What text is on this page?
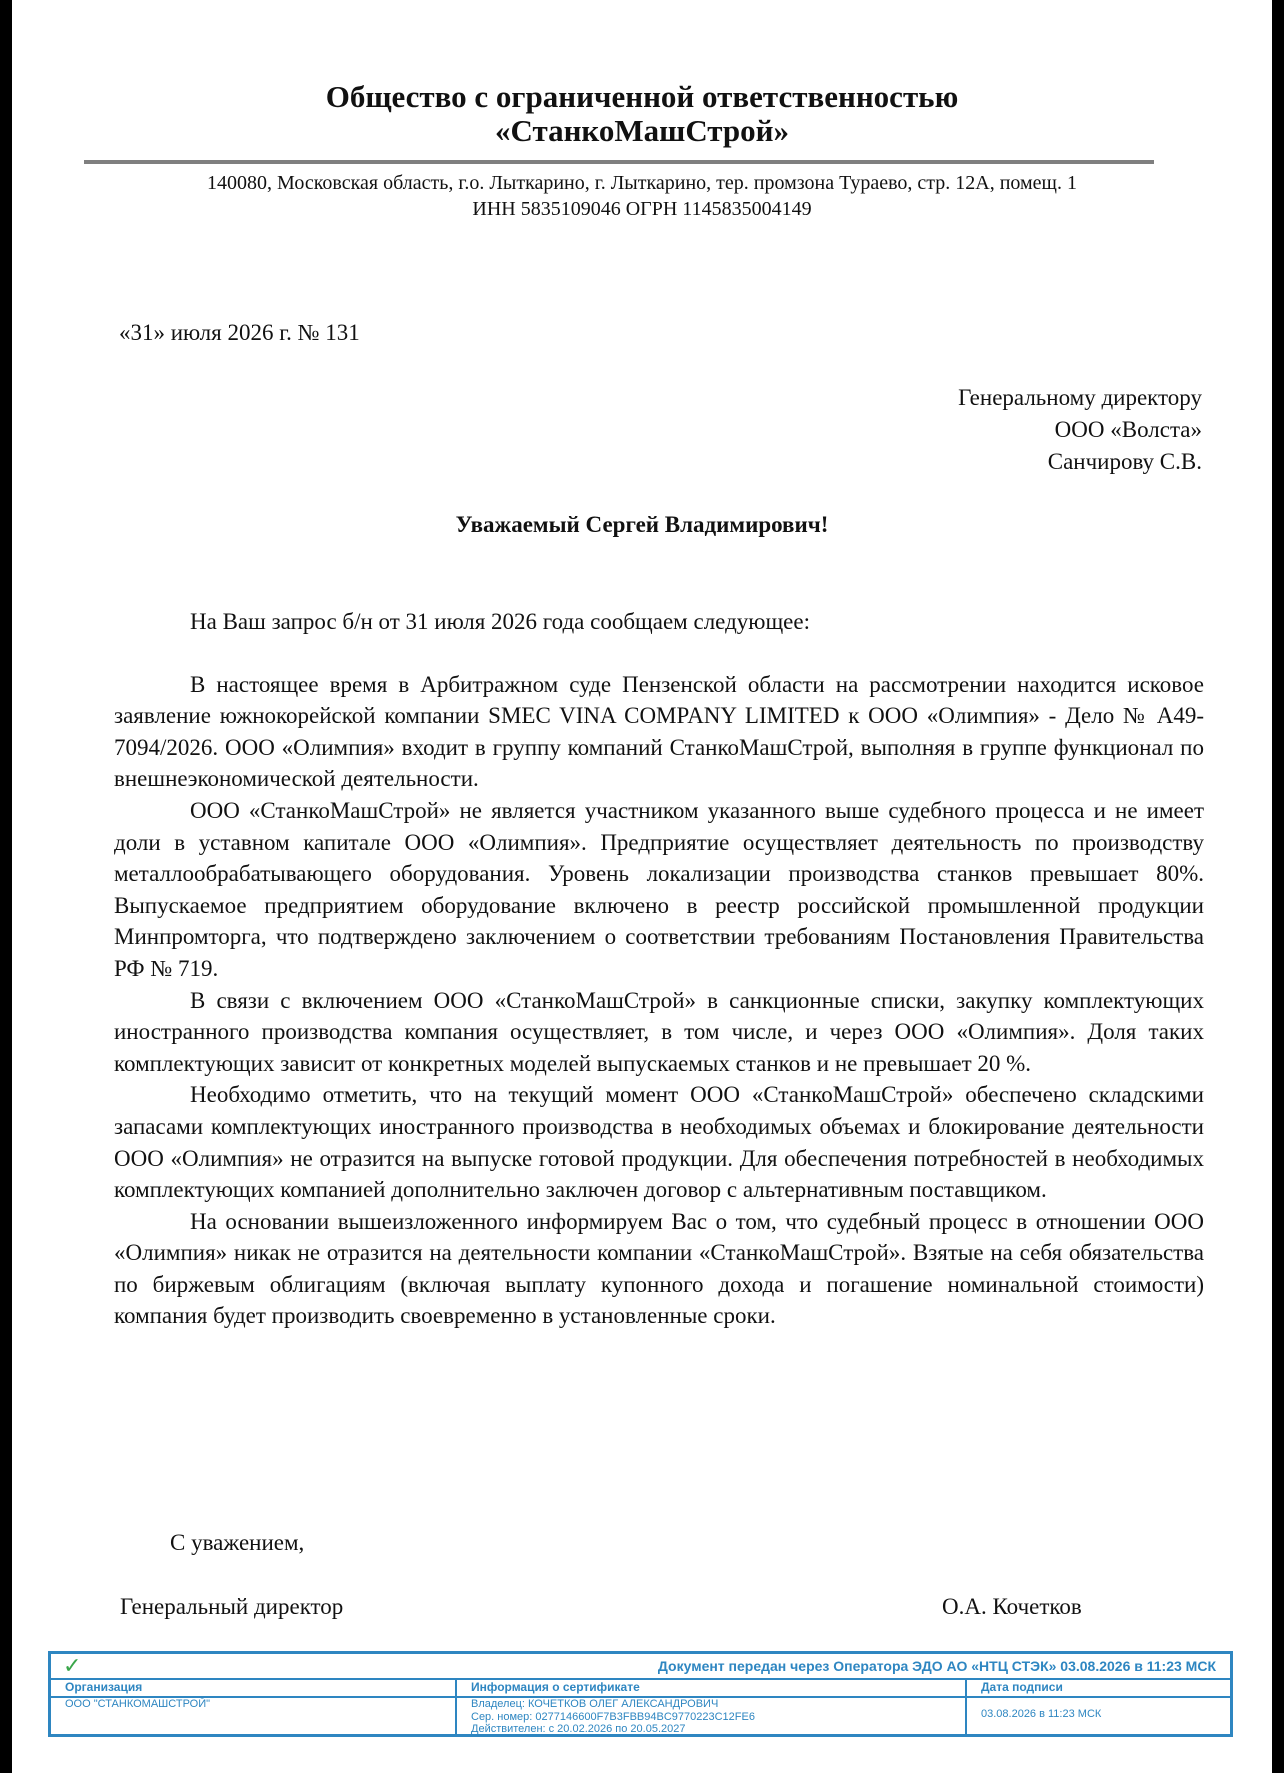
Общество с ограниченной ответственностью
«СтанкоМашСтрой»
140080, Московская область, г.о. Лыткарино, г. Лыткарино, тер. промзона Тураево, стр. 12А, помещ. 1
ИНН 5835109046 ОГРН 1145835004149
«31» июля 2026 г. № 131
Генеральному директору
ООО «Волста»
Санчирову С.В.
Уважаемый Сергей Владимирович!

На Ваш запрос б/н от 31 июля 2026 года сообщаем следующее:

В настоящее время в Арбитражном суде Пензенской области на рассмотрении находится исковое заявление южнокорейской компании SMEC VINA COMPANY LIMITED к ООО «Олимпия» - Дело № А49-7094/2026. ООО «Олимпия» входит в группу компаний СтанкоМашСтрой, выполняя в группе функционал по внешнеэкономической деятельности.

ООО «СтанкоМашСтрой» не является участником указанного выше судебного процесса и не имеет доли в уставном капитале ООО «Олимпия». Предприятие осуществляет деятельность по производству металлообрабатывающего оборудования. Уровень локализации производства станков превышает 80%. Выпускаемое предприятием оборудование включено в реестр российской промышленной продукции Минпромторга, что подтверждено заключением о соответствии требованиям Постановления Правительства РФ № 719.

В связи с включением ООО «СтанкоМашСтрой» в санкционные списки, закупку комплектующих иностранного производства компания осуществляет, в том числе, и через ООО «Олимпия». Доля таких комплектующих зависит от конкретных моделей выпускаемых станков и не превышает 20 %.

Необходимо отметить, что на текущий момент ООО «СтанкоМашСтрой» обеспечено складскими запасами комплектующих иностранного производства в необходимых объемах и блокирование деятельности ООО «Олимпия» не отразится на выпуске готовой продукции. Для обеспечения потребностей в необходимых комплектующих компанией дополнительно заключен договор с альтернативным поставщиком.

На основании вышеизложенного информируем Вас о том, что судебный процесс в отношении ООО «Олимпия» никак не отразится на деятельности компании «СтанкоМашСтрой». Взятые на себя обязательства по биржевым облигациям (включая выплату купонного дохода и погашение номинальной стоимости) компания будет производить своевременно в установленные сроки.

С уважением,
Генеральный директор	О.А. Кочетков
✓	Документ передан через Оператора ЭДО АО «НТЦ СТЭК» 03.08.2026 в 11:23 МСК
Организация
ООО "СТАНКОМАШСТРОЙ"
Информация о сертификате
Владелец: КОЧЕТКОВ ОЛЕГ АЛЕКСАНДРОВИЧ
Сер. номер: 0277146600F7B3FBB94BC9770223C12FE6
Действителен: с 20.02.2026 по 20.05.2027
Дата подписи
03.08.2026 в 11:23 МСК
